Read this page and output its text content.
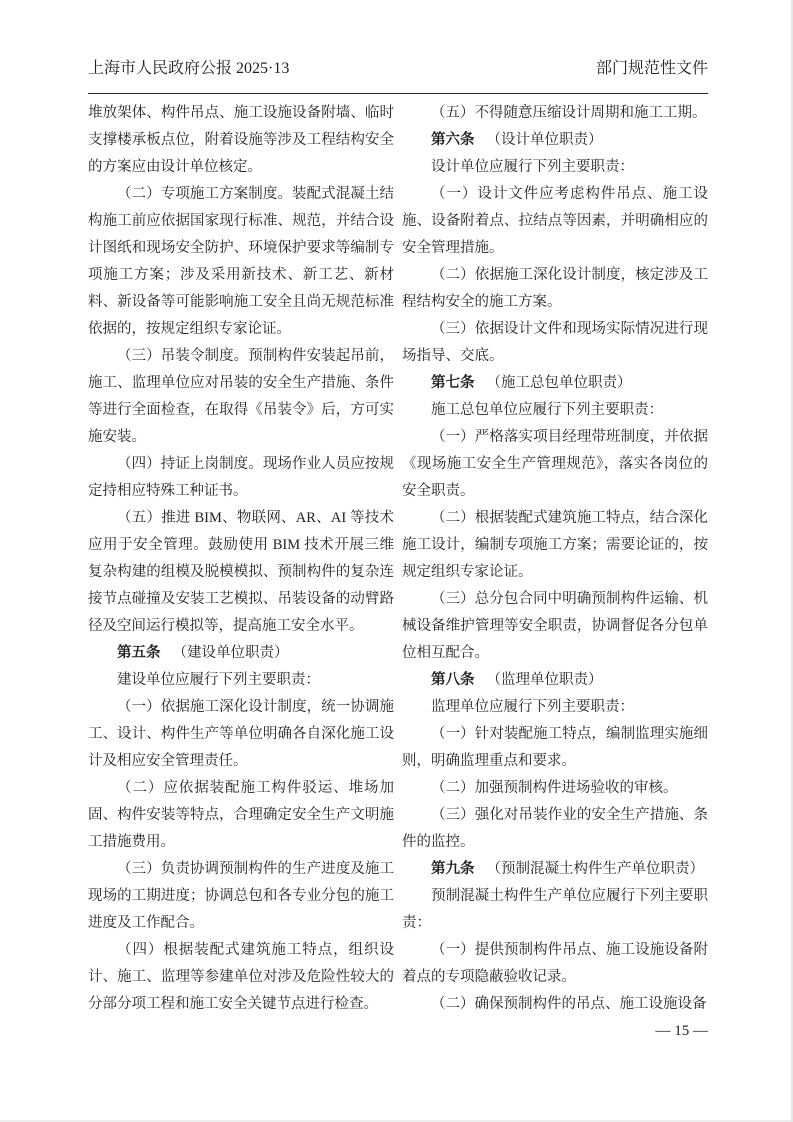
上海市人民政府公报 2025·13	部门规范性文件

堆放架体、构件吊点、施工设施设备附墙、临时支撑楼承板点位，附着设施等涉及工程结构安全的方案应由设计单位核定。

（二）专项施工方案制度。装配式混凝土结构施工前应依据国家现行标准、规范，并结合设计图纸和现场安全防护、环境保护要求等编制专项施工方案；涉及采用新技术、新工艺、新材料、新设备等可能影响施工安全且尚无规范标准依据的，按规定组织专家论证。

（三）吊装令制度。预制构件安装起吊前，施工、监理单位应对吊装的安全生产措施、条件等进行全面检查，在取得《吊装令》后，方可实施安装。

（四）持证上岗制度。现场作业人员应按规定持相应特殊工种证书。

（五）推进 BIM、物联网、AR、AI 等技术应用于安全管理。鼓励使用 BIM 技术开展三维复杂构建的组模及脱模模拟、预制构件的复杂连接节点碰撞及安装工艺模拟、吊装设备的动臂路径及空间运行模拟等，提高施工安全水平。

第五条 （建设单位职责）

建设单位应履行下列主要职责：

（一）依据施工深化设计制度，统一协调施工、设计、构件生产等单位明确各自深化施工设计及相应安全管理责任。

（二）应依据装配施工构件驳运、堆场加固、构件安装等特点，合理确定安全生产文明施工措施费用。

（三）负责协调预制构件的生产进度及施工现场的工期进度；协调总包和各专业分包的施工进度及工作配合。

（四）根据装配式建筑施工特点，组织设计、施工、监理等参建单位对涉及危险性较大的分部分项工程和施工安全关键节点进行检查。

（五）不得随意压缩设计周期和施工工期。

第六条 （设计单位职责）

设计单位应履行下列主要职责：

（一）设计文件应考虑构件吊点、施工设施、设备附着点、拉结点等因素，并明确相应的安全管理措施。

（二）依据施工深化设计制度，核定涉及工程结构安全的施工方案。

（三）依据设计文件和现场实际情况进行现场指导、交底。

第七条 （施工总包单位职责）

施工总包单位应履行下列主要职责：

（一）严格落实项目经理带班制度，并依据《现场施工安全生产管理规范》，落实各岗位的安全职责。

（二）根据装配式建筑施工特点，结合深化施工设计，编制专项施工方案；需要论证的，按规定组织专家论证。

（三）总分包合同中明确预制构件运输、机械设备维护管理等安全职责，协调督促各分包单位相互配合。

第八条 （监理单位职责）

监理单位应履行下列主要职责：

（一）针对装配施工特点，编制监理实施细则，明确监理重点和要求。

（二）加强预制构件进场验收的审核。

（三）强化对吊装作业的安全生产措施、条件的监控。

第九条 （预制混凝土构件生产单位职责）

预制混凝土构件生产单位应履行下列主要职责：

（一）提供预制构件吊点、施工设施设备附着点的专项隐蔽验收记录。

（二）确保预制构件的吊点、施工设施设备

— 15 —
